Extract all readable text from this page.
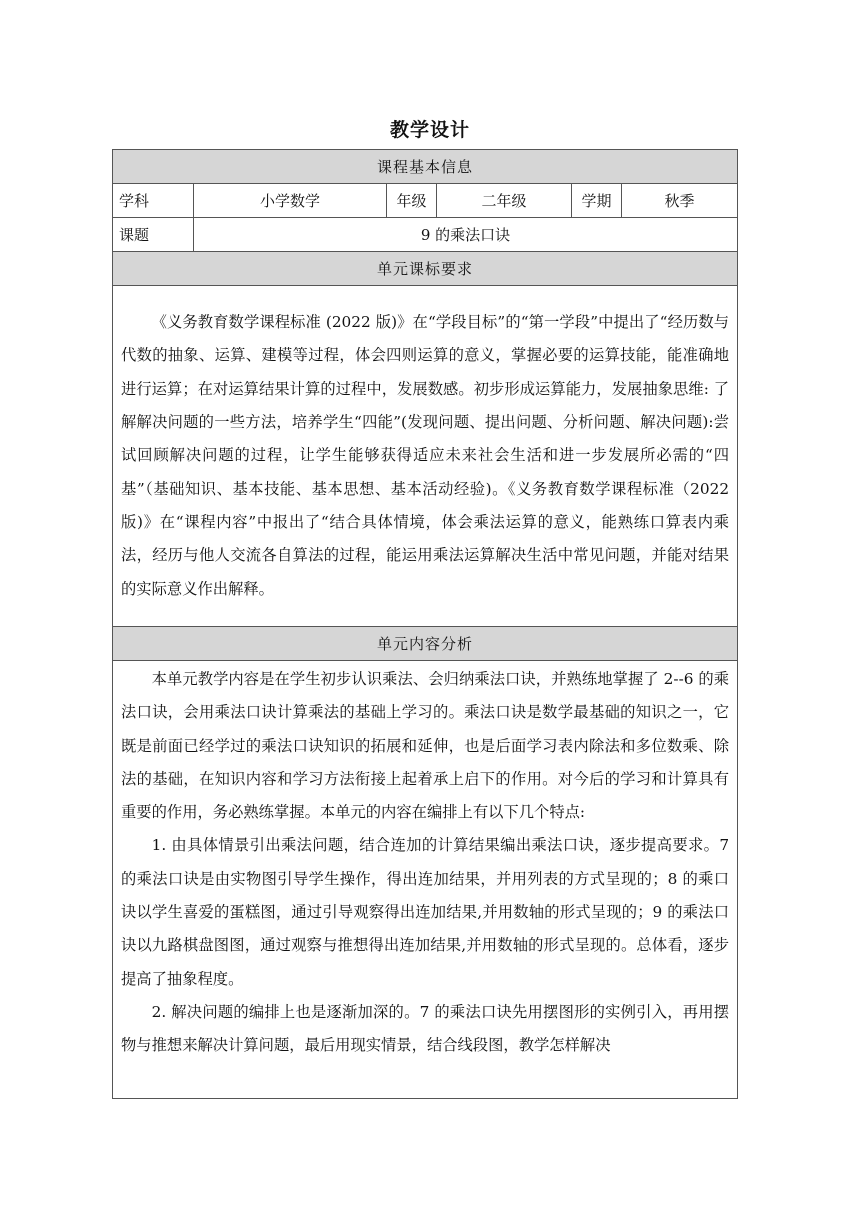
教学设计
课程基本信息					
学科	小学数学	年级	二年级	学期	秋季
课题	9 的乘法口诀				
单元课标要求					

《义务教育数学课程标准 (2022 版)》在“学段目标”的“第一学段”中提出了“经历数与代数的抽象、运算、建模等过程，体会四则运算的意义，掌握必要的运算技能，能准确地进行运算；在对运算结果计算的过程中，发展数感。初步形成运算能力，发展抽象思维: 了解解决问题的一些方法，培养学生“四能”(发现问题、提出问题、分析问题、解决问题):尝试回顾解决问题的过程，让学生能够获得适应未来社会生活和进一步发展所必需的“四基”（基础知识、基本技能、基本思想、基本活动经验)。《义务教育数学课程标准（2022 版)》在“课程内容”中报出了“结合具体情境，体会乘法运算的意义，能熟练口算表内乘法，经历与他人交流各自算法的过程，能运用乘法运算解决生活中常见问题，并能对结果的实际意义作出解释。					

单元内容分析					

本单元教学内容是在学生初步认识乘法、会归纳乘法口诀，并熟练地掌握了 2--6 的乘法口诀，会用乘法口诀计算乘法的基础上学习的。乘法口诀是数学最基础的知识之一，它既是前面已经学过的乘法口诀知识的拓展和延伸，也是后面学习表内除法和多位数乘、除法的基础，在知识内容和学习方法衔接上起着承上启下的作用。对今后的学习和计算具有重要的作用，务必熟练掌握。本单元的内容在编排上有以下几个特点:

1. 由具体情景引出乘法问题，结合连加的计算结果编出乘法口诀，逐步提高要求。7 的乘法口诀是由实物图引导学生操作，得出连加结果，并用列表的方式呈现的；8 的乘口诀以学生喜爱的蛋糕图，通过引导观察得出连加结果,并用数轴的形式呈现的；9 的乘法口诀以九路棋盘图图，通过观察与推想得出连加结果,并用数轴的形式呈现的。总体看，逐步提高了抽象程度。

2. 解决问题的编排上也是逐渐加深的。7 的乘法口诀先用摆图形的实例引入，再用摆物与推想来解决计算问题，最后用现实情景，结合线段图，教学怎样解决					
